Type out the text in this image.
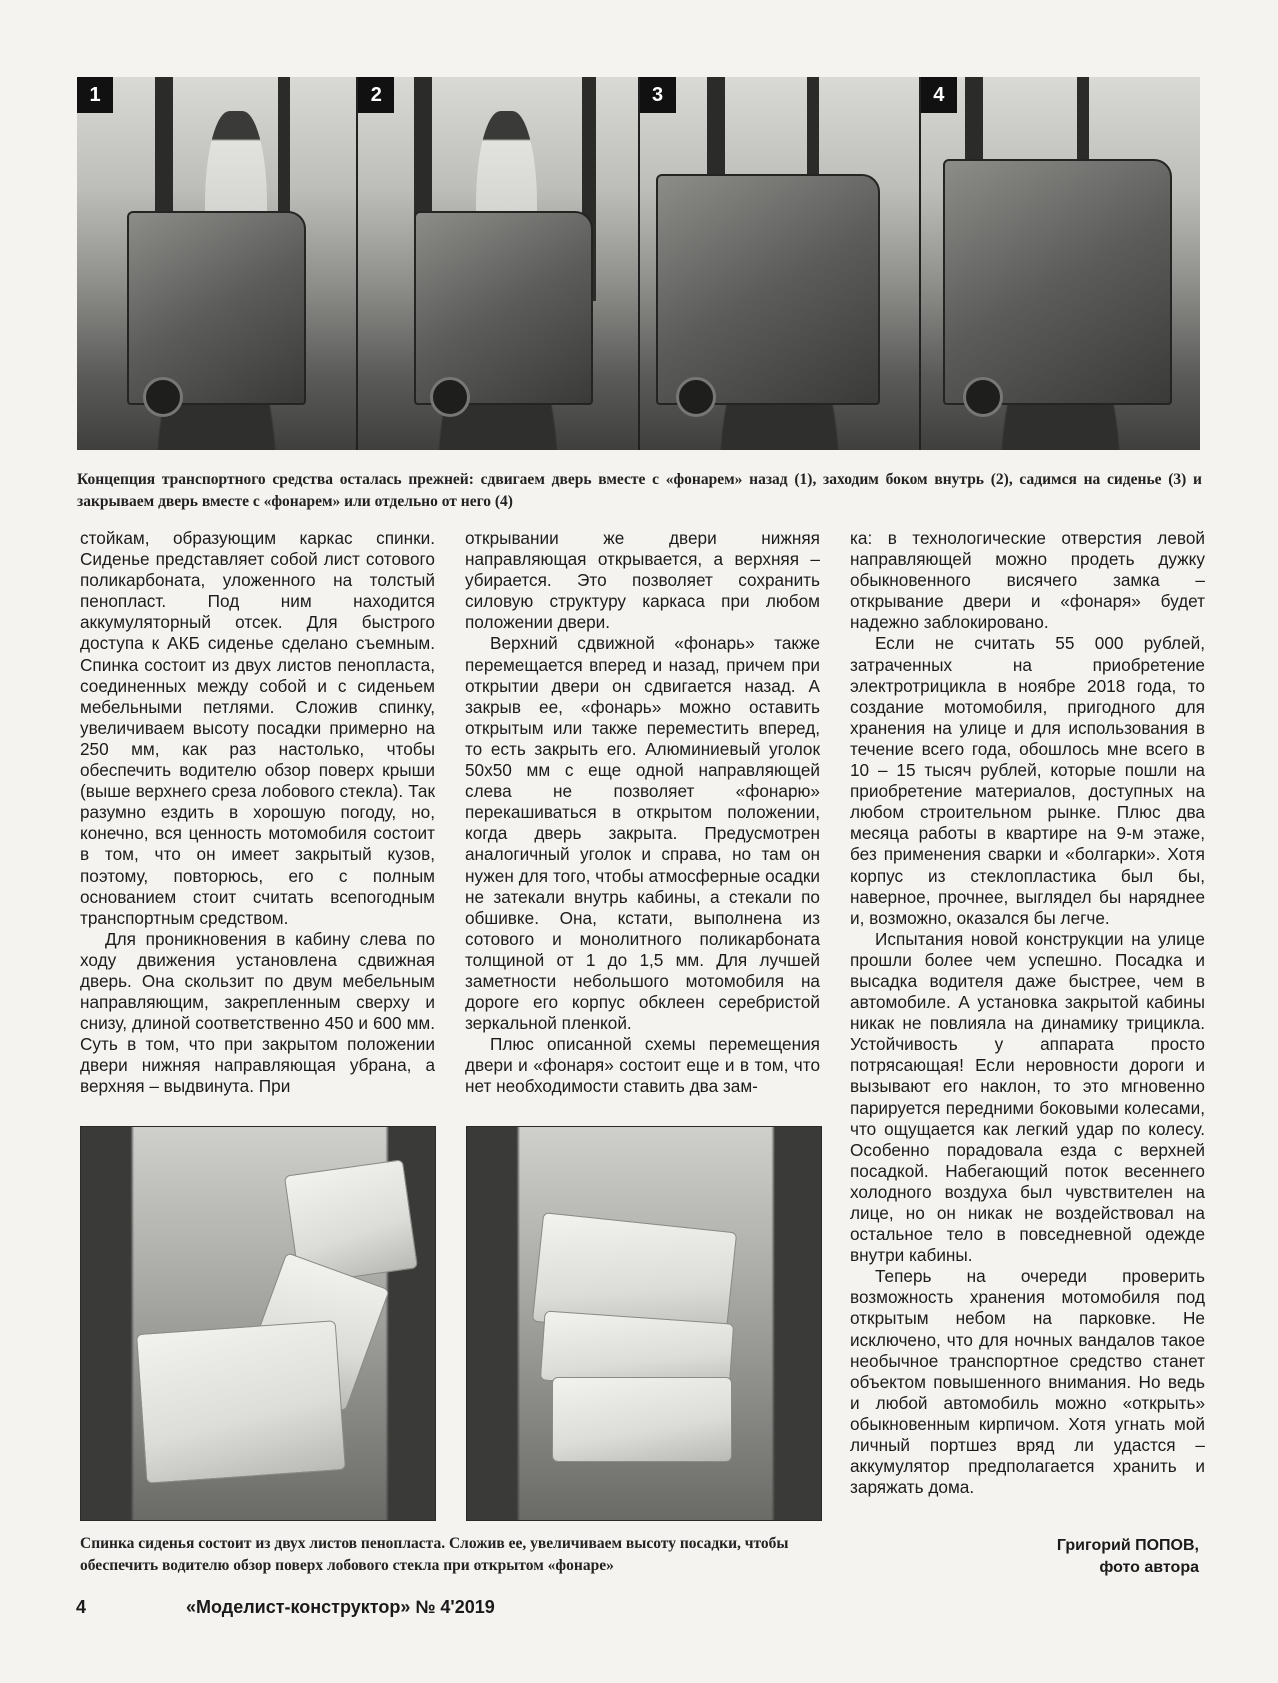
1	2	3	4
Концепция транспортного средства осталась прежней: сдвигаем дверь вместе с «фонарем» назад (1), заходим боком внутрь (2), садимся на сиденье (3) и закрываем дверь вместе с «фонарем» или отдельно от него (4)

стойкам, образующим каркас спинки. Сиденье представляет собой лист сотового поликарбоната, уложенного на толстый пенопласт. Под ним находится аккумуляторный отсек. Для быстрого доступа к АКБ сиденье сделано съемным. Спинка состоит из двух листов пенопласта, соединенных между собой и с сиденьем мебельными петлями. Сложив спинку, увеличиваем высоту посадки примерно на 250 мм, как раз настолько, чтобы обеспечить водителю обзор поверх крыши (выше верхнего среза лобового стекла). Так разумно ездить в хорошую погоду, но, конечно, вся ценность мотомобиля состоит в том, что он имеет закрытый кузов, поэтому, повторюсь, его с полным основанием стоит считать всепогодным транспортным средством.

Для проникновения в кабину слева по ходу движения установлена сдвижная дверь. Она скользит по двум мебельным направляющим, закрепленным сверху и снизу, длиной соответственно 450 и 600 мм. Суть в том, что при закрытом положении двери нижняя направляющая убрана, а верхняя – выдвинута. При

открывании же двери нижняя направляющая открывается, а верхняя – убирается. Это позволяет сохранить силовую структуру каркаса при любом положении двери.

Верхний сдвижной «фонарь» также перемещается вперед и назад, причем при открытии двери он сдвигается назад. А закрыв ее, «фонарь» можно оставить открытым или также переместить вперед, то есть закрыть его. Алюминиевый уголок 50х50 мм с еще одной направляющей слева не позволяет «фонарю» перекашиваться в открытом положении, когда дверь закрыта. Предусмотрен аналогичный уголок и справа, но там он нужен для того, чтобы атмосферные осадки не затекали внутрь кабины, а стекали по обшивке. Она, кстати, выполнена из сотового и монолитного поликарбоната толщиной от 1 до 1,5 мм. Для лучшей заметности небольшого мотомобиля на дороге его корпус обклеен серебристой зеркальной пленкой.

Плюс описанной схемы перемещения двери и «фонаря» состоит еще и в том, что нет необходимости ставить два зам-

ка: в технологические отверстия левой направляющей можно продеть дужку обыкновенного висячего замка – открывание двери и «фонаря» будет надежно заблокировано.

Если не считать 55 000 рублей, затраченных на приобретение электротрицикла в ноябре 2018 года, то создание мотомобиля, пригодного для хранения на улице и для использования в течение всего года, обошлось мне всего в 10 – 15 тысяч рублей, которые пошли на приобретение материалов, доступных на любом строительном рынке. Плюс два месяца работы в квартире на 9-м этаже, без применения сварки и «болгарки». Хотя корпус из стеклопластика был бы, наверное, прочнее, выглядел бы наряднее и, возможно, оказался бы легче.

Испытания новой конструкции на улице прошли более чем успешно. Посадка и высадка водителя даже быстрее, чем в автомобиле. А установка закрытой кабины никак не повлияла на динамику трицикла. Устойчивость у аппарата просто потрясающая! Если неровности дороги и вызывают его наклон, то это мгновенно парируется передними боковыми колесами, что ощущается как легкий удар по колесу. Особенно порадовала езда с верхней посадкой. Набегающий поток весеннего холодного воздуха был чувствителен на лице, но он никак не воздействовал на остальное тело в повседневной одежде внутри кабины.

Теперь на очереди проверить возможность хранения мотомобиля под открытым небом на парковке. Не исключено, что для ночных вандалов такое необычное транспортное средство станет объектом повышенного внимания. Но ведь и любой автомобиль можно «открыть» обыкновенным кирпичом. Хотя угнать мой личный портшез вряд ли удастся – аккумулятор предполагается хранить и заряжать дома.

Спинка сиденья состоит из двух листов пенопласта. Сложив ее, увеличиваем высоту посадки, чтобы обеспечить водителю обзор поверх лобового стекла при открытом «фонаре»
Григорий ПОПОВ,
фото автора
4	«Моделист-конструктор» № 4'2019
